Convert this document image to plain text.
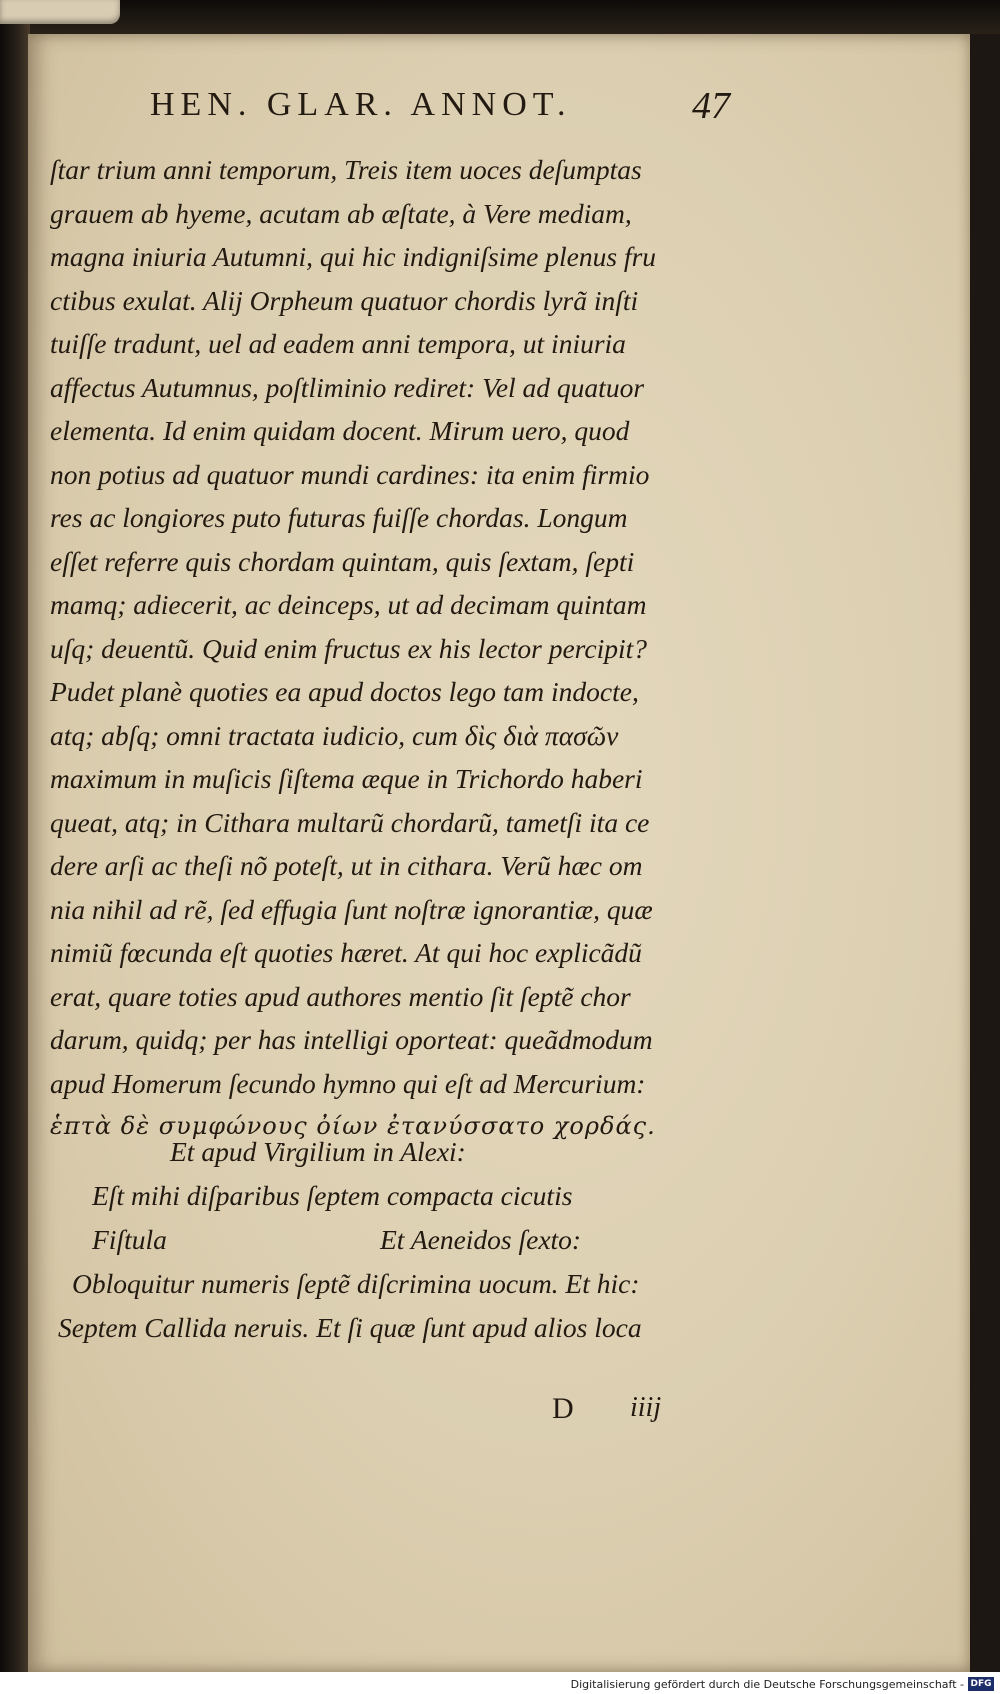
HEN. GLAR. ANNOT.	47
ſtar trium anni temporum, Treis item uoces deſumptas
grauem ab hyeme, acutam ab æſtate, à Vere mediam,
magna iniuria Autumni, qui hic indigniſsime plenus fru
ctibus exulat. Alij Orpheum quatuor chordis lyrã inſti
tuiſſe tradunt, uel ad eadem anni tempora, ut iniuria
affectus Autumnus, poſtliminio rediret: Vel ad quatuor
elementa. Id enim quidam docent. Mirum uero, quod
non potius ad quatuor mundi cardines: ita enim firmio
res ac longiores puto futuras fuiſſe chordas. Longum
eſſet referre quis chordam quintam, quis ſextam, ſepti
mamq; adiecerit, ac deinceps, ut ad decimam quintam
uſq; deuentũ. Quid enim fructus ex his lector percipit?
Pudet planè quoties ea apud doctos lego tam indocte,
atq; abſq; omni tractata iudicio, cum δὶς διὰ πασῶν
maximum in muſicis ſiſtema æque in Trichordo haberi
queat, atq; in Cithara multarũ chordarũ, tametſi ita ce
dere arſi ac theſi nõ poteſt, ut in cithara. Verũ hæc om
nia nihil ad rẽ, ſed effugia ſunt noſtræ ignorantiæ, quæ
nimiũ fœcunda eſt quoties hæret. At qui hoc explicãdũ
erat, quare toties apud authores mentio ſit ſeptẽ chor
darum, quidq; per has intelligi oporteat: queãdmodum
apud Homerum ſecundo hymno qui eſt ad Mercurium:
ἑπτὰ δὲ συμφώνους ὀίων ἐτανύσσατο χορδάς.
Et apud Virgilium in Alexi:
Eſt mihi diſparibus ſeptem compacta cicutis
Fiſtula	Et Aeneidos ſexto:
Obloquitur numeris ſeptẽ diſcrimina uocum. Et hic:
Septem Callida neruis. Et ſi quæ ſunt apud alios loca
D iiij
Digitalisierung gefördert durch die Deutsche Forschungsgemeinschaft - DFG
